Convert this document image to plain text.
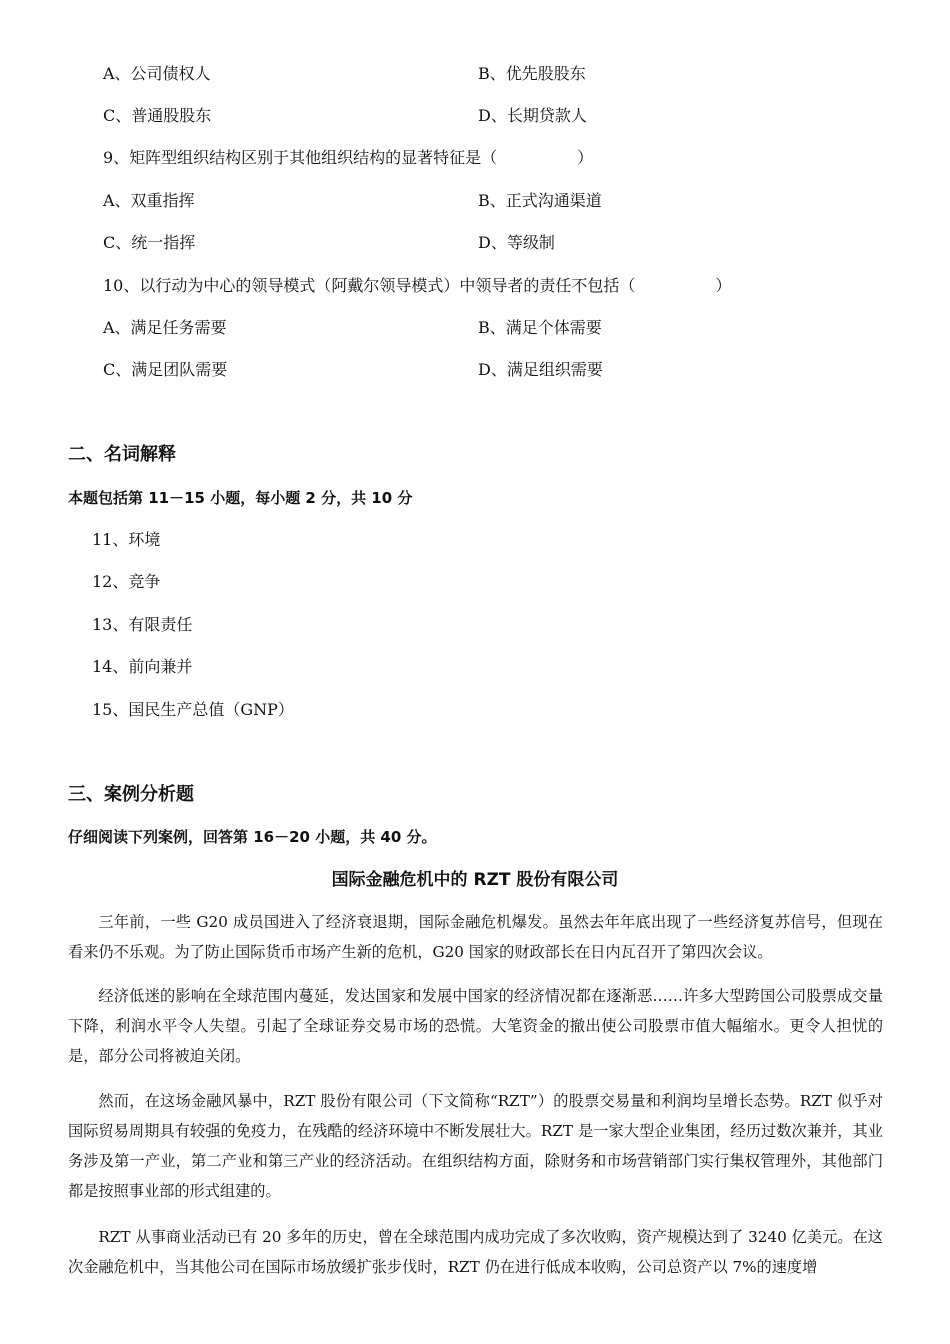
A、公司债权人	B、优先股股东
C、普通股股东	D、长期贷款人
9、矩阵型组织结构区别于其他组织结构的显著特征是（　　　　　）
A、双重指挥	B、正式沟通渠道
C、统一指挥	D、等级制
10、以行动为中心的领导模式（阿戴尔领导模式）中领导者的责任不包括（　　　　　）
A、满足任务需要	B、满足个体需要
C、满足团队需要	D、满足组织需要
二、名词解释
本题包括第 11－15 小题，每小题 2 分，共 10 分
11、环境
12、竞争
13、有限责任
14、前向兼并
15、国民生产总值（GNP）
三、案例分析题
仔细阅读下列案例，回答第 16－20 小题，共 40 分。
国际金融危机中的 RZT 股份有限公司
三年前，一些 G20 成员国进入了经济衰退期，国际金融危机爆发。虽然去年年底出现了一些经济复苏信号，但现在看来仍不乐观。为了防止国际货币市场产生新的危机，G20 国家的财政部长在日内瓦召开了第四次会议。
经济低迷的影响在全球范围内蔓延，发达国家和发展中国家的经济情况都在逐渐恶……许多大型跨国公司股票成交量下降，利润水平令人失望。引起了全球证券交易市场的恐慌。大笔资金的撤出使公司股票市值大幅缩水。更令人担忧的是，部分公司将被迫关闭。
然而，在这场金融风暴中，RZT 股份有限公司（下文简称“RZT”）的股票交易量和利润均呈增长态势。RZT 似乎对国际贸易周期具有较强的免疫力，在残酷的经济环境中不断发展壮大。RZT 是一家大型企业集团，经历过数次兼并，其业务涉及第一产业，第二产业和第三产业的经济活动。在组织结构方面，除财务和市场营销部门实行集权管理外，其他部门都是按照事业部的形式组建的。
RZT 从事商业活动已有 20 多年的历史，曾在全球范围内成功完成了多次收购，资产规模达到了 3240 亿美元。在这次金融危机中，当其他公司在国际市场放缓扩张步伐时，RZT 仍在进行低成本收购，公司总资产以 7%的速度增
